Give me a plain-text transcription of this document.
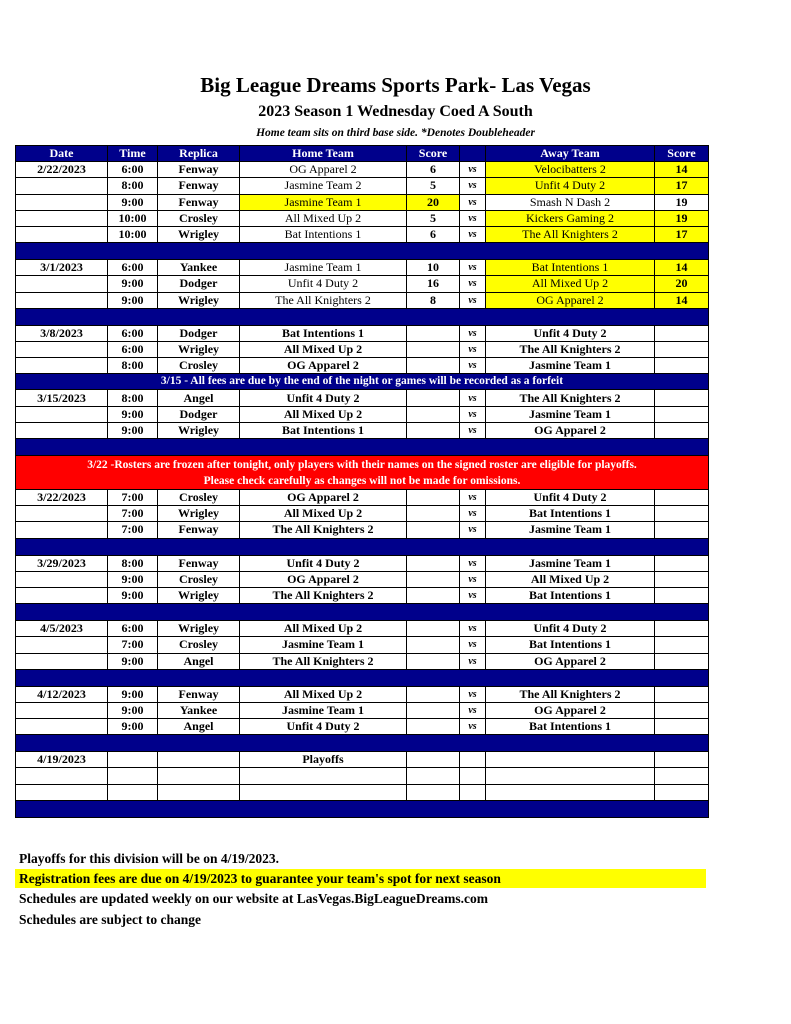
Big League Dreams Sports Park- Las Vegas
2023 Season 1 Wednesday Coed A South
Home team sits on third base side. *Denotes Doubleheader
Date	Time	Replica	Home Team	Score		Away Team	Score
2/22/2023	6:00	Fenway	OG Apparel 2	6	vs	Velocibatters 2	14
	8:00	Fenway	Jasmine Team 2	5	vs	Unfit 4 Duty 2	17
	9:00	Fenway	Jasmine Team 1	20	vs	Smash N Dash 2	19
	10:00	Crosley	All Mixed Up 2	5	vs	Kickers Gaming 2	19
	10:00	Wrigley	Bat Intentions 1	6	vs	The All Knighters 2	17

3/1/2023	6:00	Yankee	Jasmine Team 1	10	vs	Bat Intentions 1	14
	9:00	Dodger	Unfit 4 Duty 2	16	vs	All Mixed Up 2	20
	9:00	Wrigley	The All Knighters 2	8	vs	OG Apparel 2	14

3/8/2023	6:00	Dodger	Bat Intentions 1		vs	Unfit 4 Duty 2	
	6:00	Wrigley	All Mixed Up 2		vs	The All Knighters 2	
	8:00	Crosley	OG Apparel 2		vs	Jasmine Team 1	
3/15 - All fees are due by the end of the night or games will be recorded as a forfeit							
3/15/2023	8:00	Angel	Unfit 4 Duty 2		vs	The All Knighters 2	
	9:00	Dodger	All Mixed Up 2		vs	Jasmine Team 1	
	9:00	Wrigley	Bat Intentions 1		vs	OG Apparel 2	

3/22 -Rosters are frozen after tonight, only players with their names on the signed roster are eligible for playoffs.
Please check carefully as changes will not be made for omissions.							

3/22/2023	7:00	Crosley	OG Apparel 2		vs	Unfit 4 Duty 2	
	7:00	Wrigley	All Mixed Up 2		vs	Bat Intentions 1	
	7:00	Fenway	The All Knighters 2		vs	Jasmine Team 1	

3/29/2023	8:00	Fenway	Unfit 4 Duty 2		vs	Jasmine Team 1	
	9:00	Crosley	OG Apparel 2		vs	All Mixed Up 2	
	9:00	Wrigley	The All Knighters 2		vs	Bat Intentions 1	

4/5/2023	6:00	Wrigley	All Mixed Up 2		vs	Unfit 4 Duty 2	
	7:00	Crosley	Jasmine Team 1		vs	Bat Intentions 1	
	9:00	Angel	The All Knighters 2		vs	OG Apparel 2	

4/12/2023	9:00	Fenway	All Mixed Up 2		vs	The All Knighters 2	
	9:00	Yankee	Jasmine Team 1		vs	OG Apparel 2	
	9:00	Angel	Unfit 4 Duty 2		vs	Bat Intentions 1	

4/19/2023			Playoffs				

Playoffs for this division will be on 4/19/2023.
Registration fees are due on 4/19/2023 to guarantee your team's spot for next season
Schedules are updated weekly on our website at LasVegas.BigLeagueDreams.com
Schedules are subject to change
